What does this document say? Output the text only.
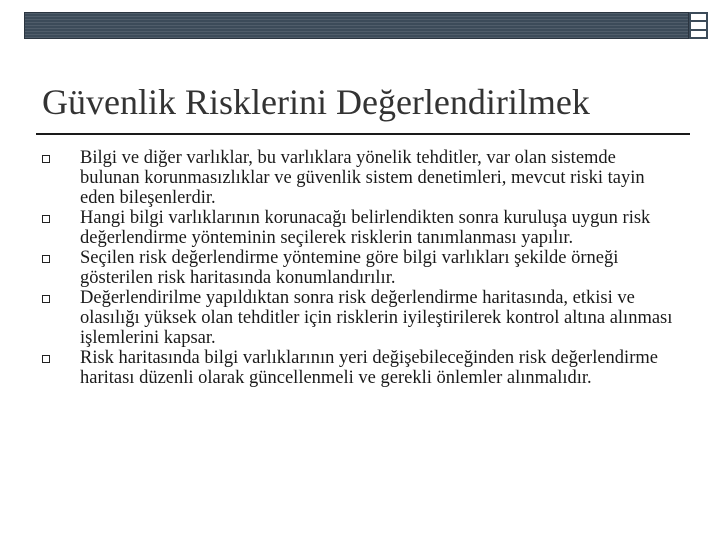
Güvenlik Risklerini Değerlendirilmek
Bilgi ve diğer varlıklar, bu varlıklara yönelik tehditler, var olan sistemde bulunan korunmasızlıklar ve güvenlik sistem denetimleri, mevcut riski tayin eden bileşenlerdir.
Hangi bilgi varlıklarının korunacağı belirlendikten sonra kuruluşa uygun risk değerlendirme yönteminin seçilerek risklerin tanımlanması yapılır.
Seçilen risk değerlendirme yöntemine göre bilgi varlıkları şekilde örneği gösterilen risk haritasında konumlandırılır.
Değerlendirilme yapıldıktan sonra risk değerlendirme haritasında, etkisi ve olasılığı yüksek olan tehditler için risklerin iyileştirilerek kontrol altına alınması işlemlerini kapsar.
Risk haritasında bilgi varlıklarının yeri değişebileceğinden risk değerlendirme haritası düzenli olarak güncellenmeli ve gerekli önlemler alınmalıdır.
